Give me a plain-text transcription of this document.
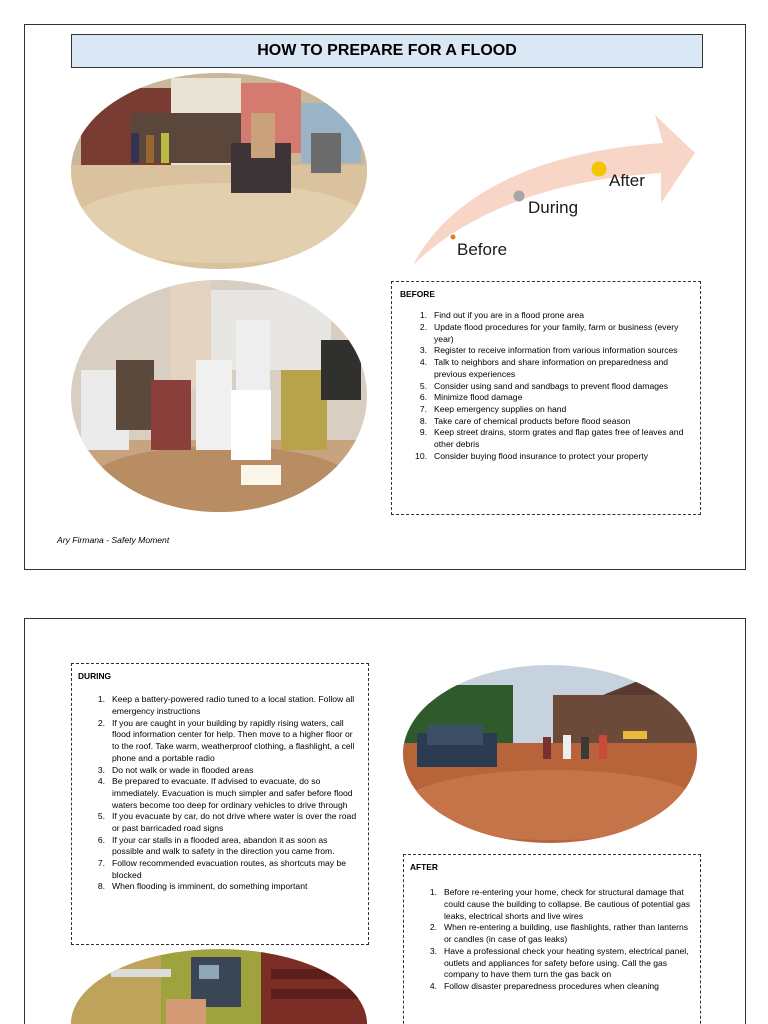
HOW TO PREPARE FOR A FLOOD
Before
During
After
BEFORE
1. Find out if you are in a flood prone area
2. Update flood procedures for your family, farm or business (every year)
3. Register to receive information from various information sources
4. Talk to neighbors and share information on preparedness and previous experiences
5. Consider using sand and sandbags to prevent flood damages
6. Minimize flood damage
7. Keep emergency supplies on hand
8. Take care of chemical products before flood season
9. Keep street drains, storm grates and flap gates free of leaves and other debris
10. Consider buying flood insurance to protect your property
Ary Firmana - Safety Moment
DURING
1. Keep a battery-powered radio tuned to a local station. Follow all emergency instructions
2. If you are caught in your building by rapidly rising waters, call flood information center for help. Then move to a higher floor or to the roof. Take warm, weatherproof clothing, a flashlight, a cell phone and a portable radio
3. Do not walk or wade in flooded areas
4. Be prepared to evacuate. If advised to evacuate, do so immediately. Evacuation is much simpler and safer before flood waters become too deep for ordinary vehicles to drive through
5. If you evacuate by car, do not drive where water is over the road or past barricaded road signs
6. If your car stalls in a flooded area, abandon it as soon as possible and walk to safety in the direction you came from.
7. Follow recommended evacuation routes, as shortcuts may be blocked
8. When flooding is imminent, do something important
AFTER
1. Before re-entering your home, check for structural damage that could cause the building to collapse. Be cautious of potential gas leaks, electrical shorts and live wires
2. When re-entering a building, use flashlights, rather than lanterns or candles (in case of gas leaks)
3. Have a professional check your heating system, electrical panel, outlets and appliances for safety before using. Call the gas company to have them turn the gas back on
4. Follow disaster preparedness procedures when cleaning
